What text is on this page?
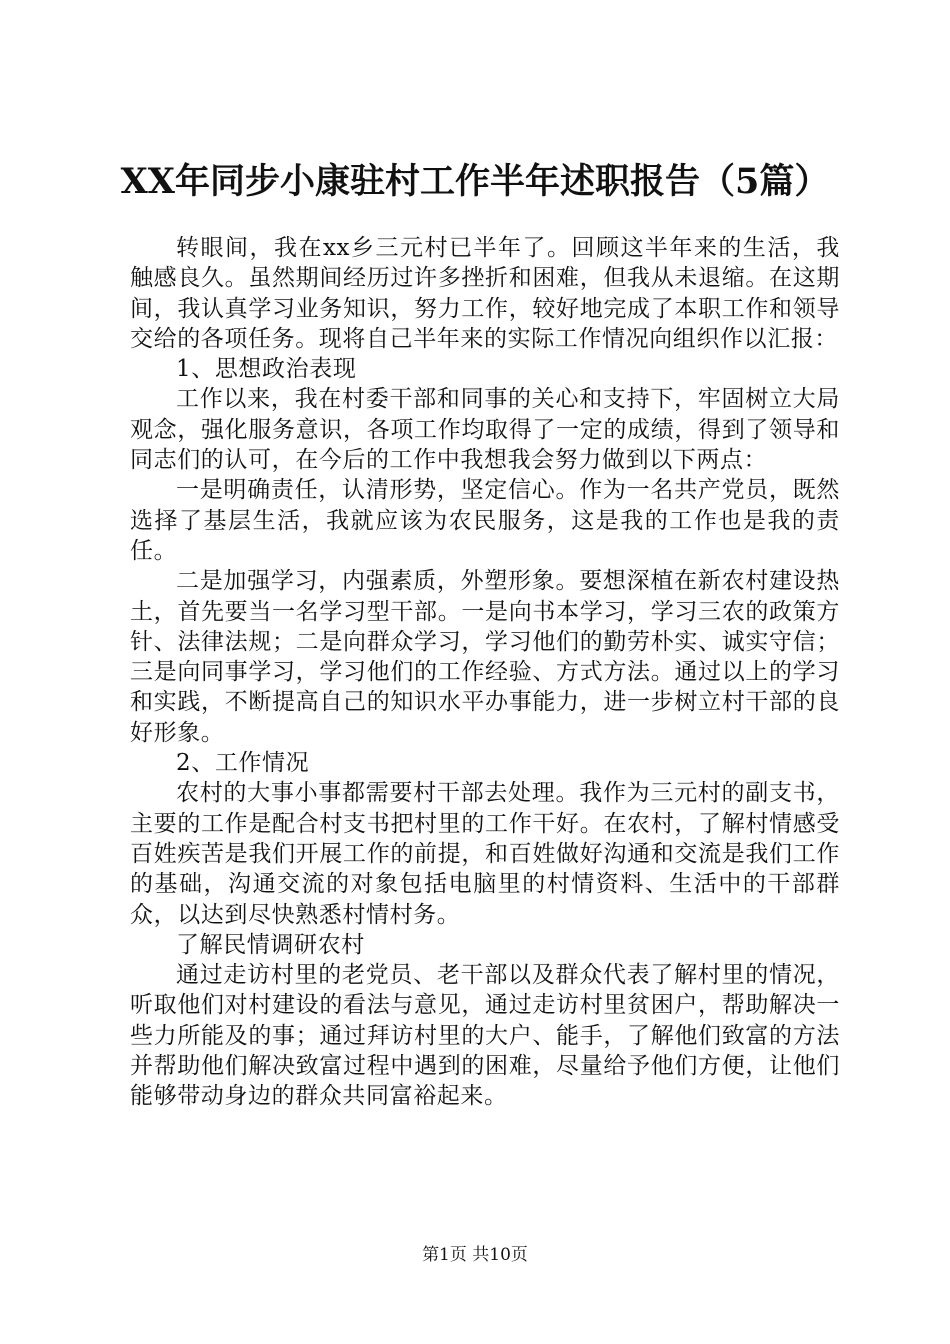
XX年同步小康驻村工作半年述职报告（5篇）

转眼间，我在xx乡三元村已半年了。回顾这半年来的生活，我触感良久。虽然期间经历过许多挫折和困难，但我从未退缩。在这期间，我认真学习业务知识，努力工作，较好地完成了本职工作和领导交给的各项任务。现将自己半年来的实际工作情况向组织作以汇报：

1、思想政治表现

工作以来，我在村委干部和同事的关心和支持下，牢固树立大局观念，强化服务意识，各项工作均取得了一定的成绩，得到了领导和同志们的认可，在今后的工作中我想我会努力做到以下两点：

一是明确责任，认清形势，坚定信心。作为一名共产党员，既然选择了基层生活，我就应该为农民服务，这是我的工作也是我的责任。

二是加强学习，内强素质，外塑形象。要想深植在新农村建设热土，首先要当一名学习型干部。一是向书本学习，学习三农的政策方针、法律法规；二是向群众学习，学习他们的勤劳朴实、诚实守信；三是向同事学习，学习他们的工作经验、方式方法。通过以上的学习和实践，不断提高自己的知识水平办事能力，进一步树立村干部的良好形象。

2、工作情况

农村的大事小事都需要村干部去处理。我作为三元村的副支书，主要的工作是配合村支书把村里的工作干好。在农村，了解村情感受百姓疾苦是我们开展工作的前提，和百姓做好沟通和交流是我们工作的基础，沟通交流的对象包括电脑里的村情资料、生活中的干部群众，以达到尽快熟悉村情村务。

了解民情调研农村

通过走访村里的老党员、老干部以及群众代表了解村里的情况，听取他们对村建设的看法与意见，通过走访村里贫困户，帮助解决一些力所能及的事；通过拜访村里的大户、能手，了解他们致富的方法并帮助他们解决致富过程中遇到的困难，尽量给予他们方便，让他们能够带动身边的群众共同富裕起来。

第1页 共10页
